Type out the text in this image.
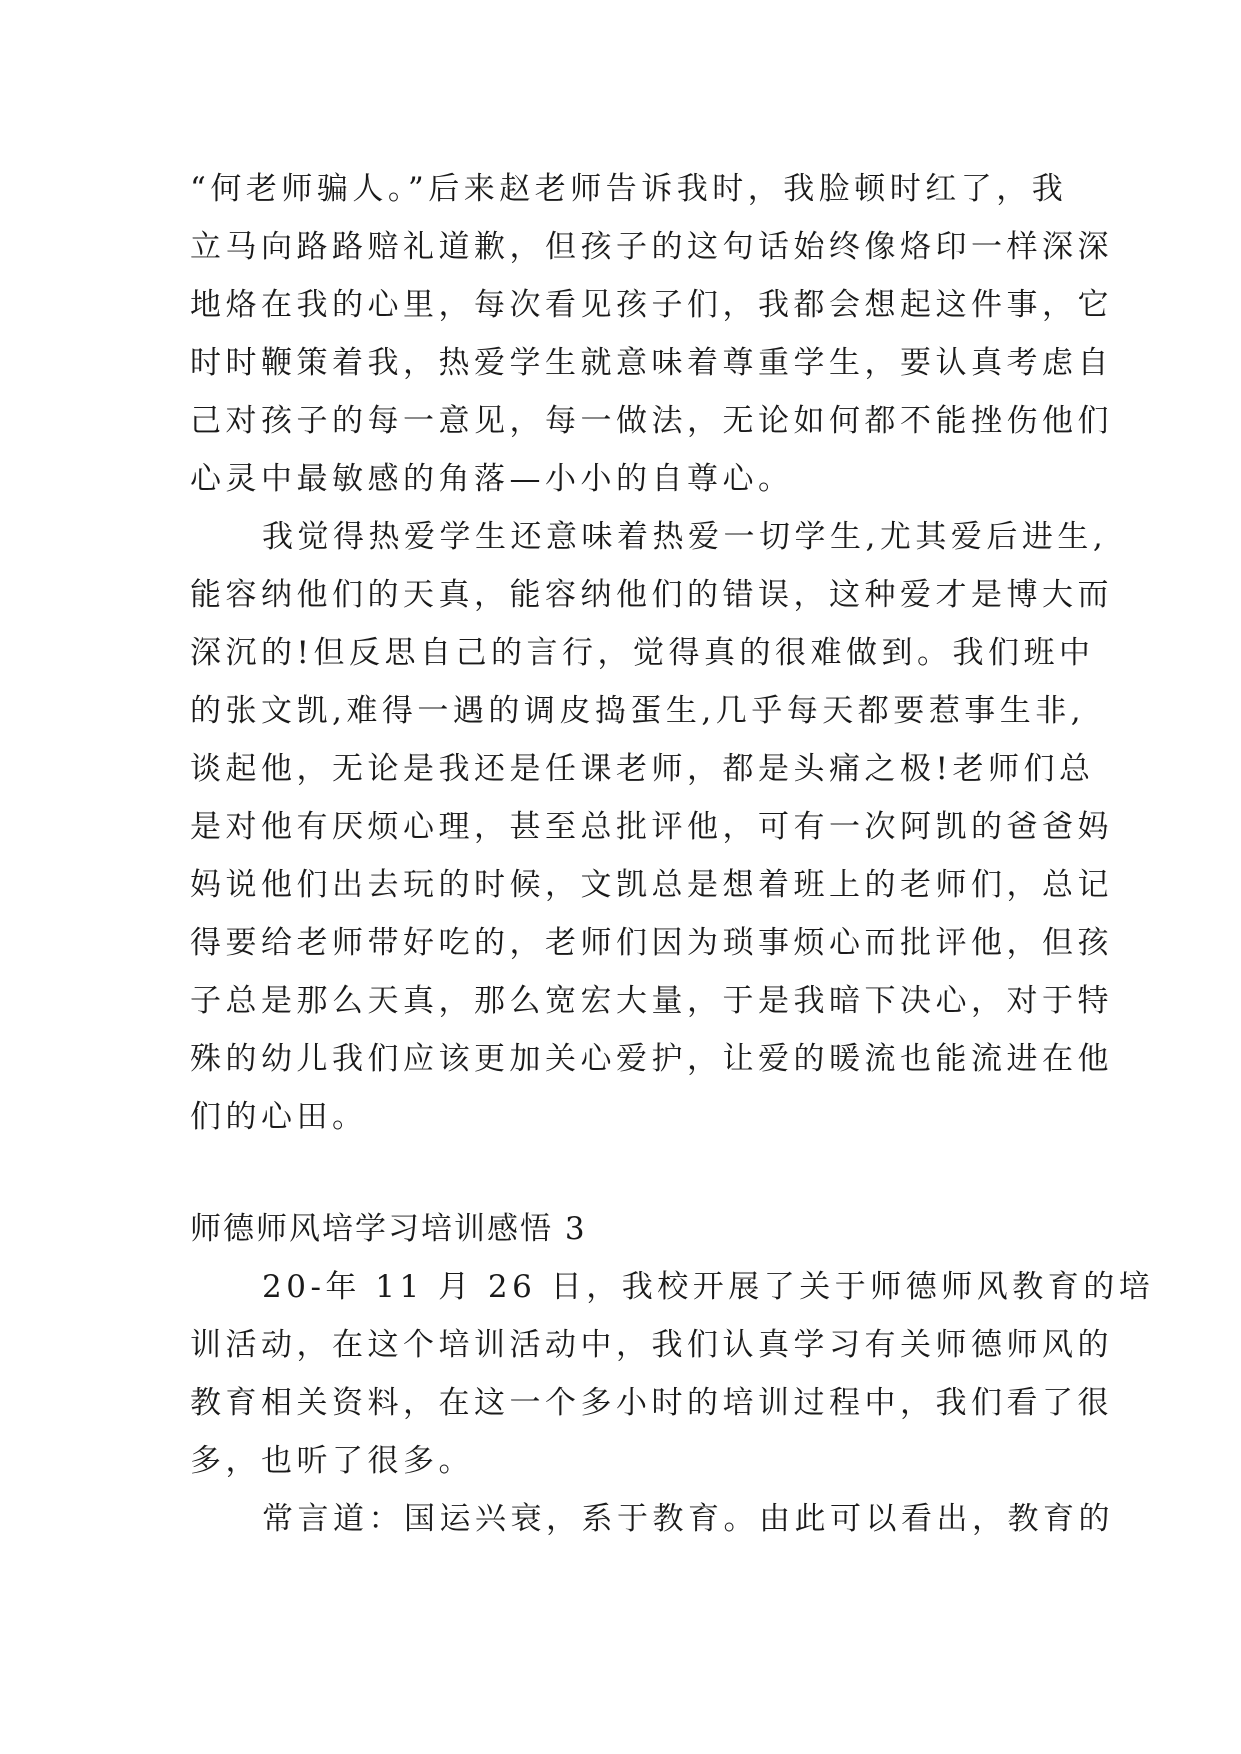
“何老师骗人。”后来赵老师告诉我时，我脸顿时红了，我
立马向路路赔礼道歉，但孩子的这句话始终像烙印一样深深
地烙在我的心里，每次看见孩子们，我都会想起这件事，它
时时鞭策着我，热爱学生就意味着尊重学生，要认真考虑自
己对孩子的每一意见，每一做法，无论如何都不能挫伤他们
心灵中最敏感的角落—小小的自尊心。
我觉得热爱学生还意味着热爱一切学生,尤其爱后进生,
能容纳他们的天真，能容纳他们的错误，这种爱才是博大而
深沉的!但反思自己的言行，觉得真的很难做到。我们班中
的张文凯,难得一遇的调皮捣蛋生,几乎每天都要惹事生非,
谈起他，无论是我还是任课老师，都是头痛之极!老师们总
是对他有厌烦心理，甚至总批评他，可有一次阿凯的爸爸妈
妈说他们出去玩的时候，文凯总是想着班上的老师们，总记
得要给老师带好吃的，老师们因为琐事烦心而批评他，但孩
子总是那么天真，那么宽宏大量，于是我暗下决心，对于特
殊的幼儿我们应该更加关心爱护，让爱的暖流也能流进在他
们的心田。
师德师风培学习培训感悟 3
20-年 11 月 26 日，我校开展了关于师德师风教育的培
训活动，在这个培训活动中，我们认真学习有关师德师风的
教育相关资料，在这一个多小时的培训过程中，我们看了很
多，也听了很多。
常言道：国运兴衰，系于教育。由此可以看出，教育的
